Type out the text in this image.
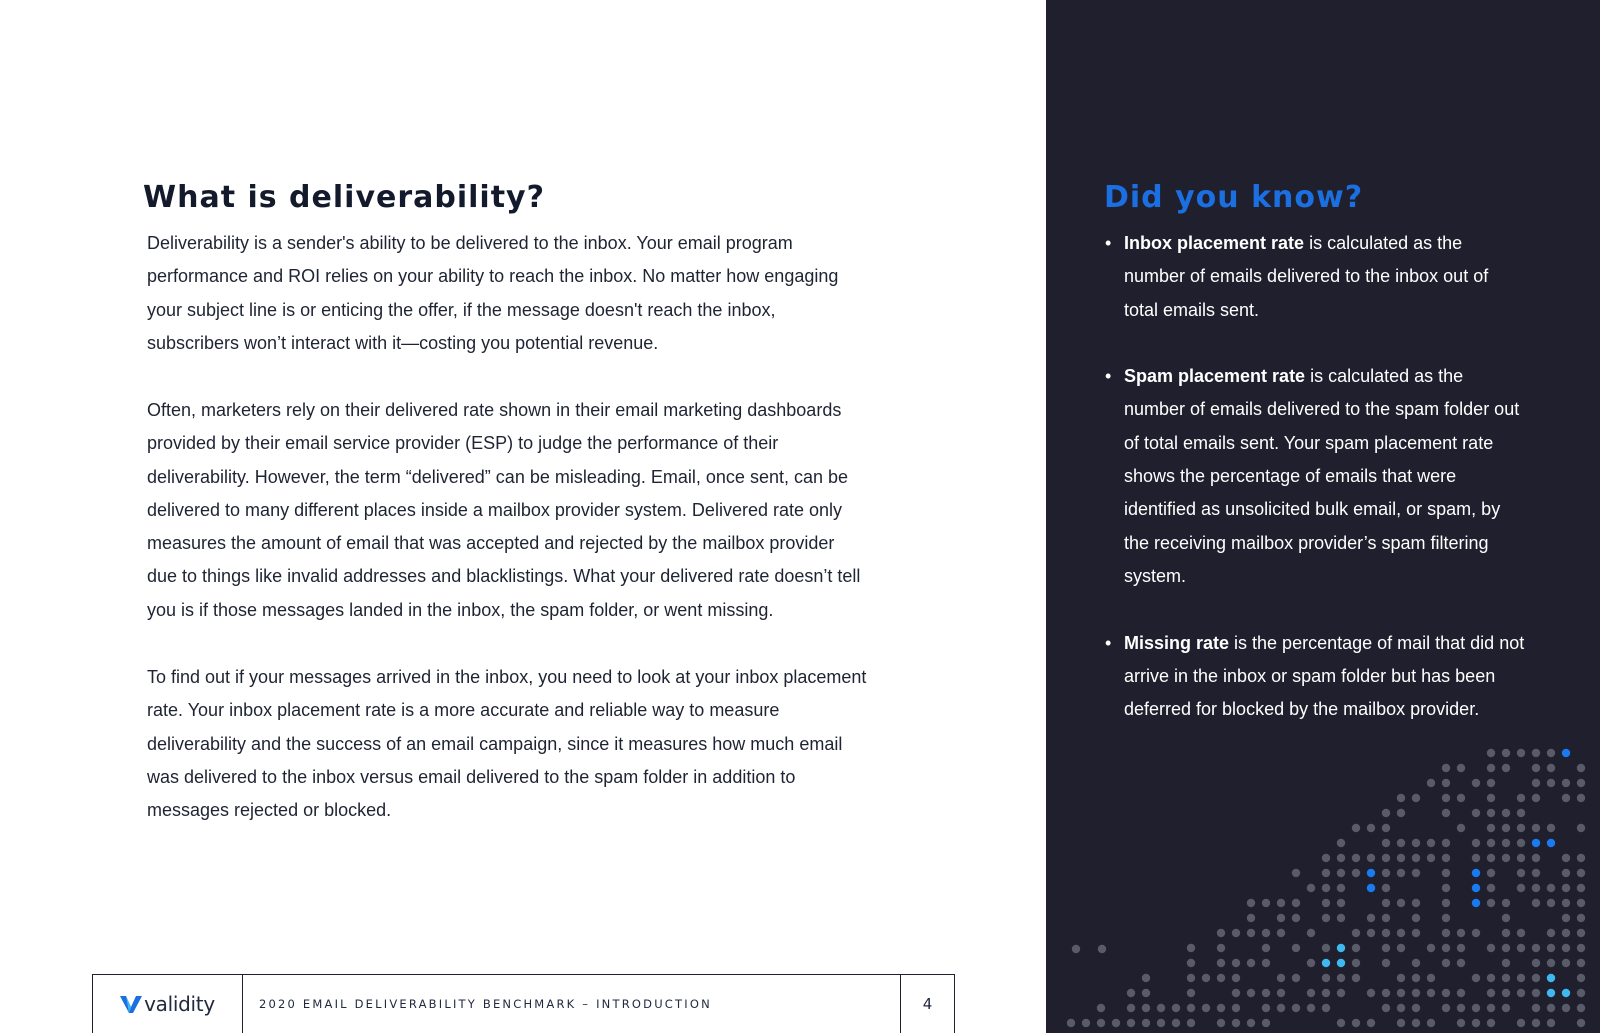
What is deliverability?

Deliverability is a sender's ability to be delivered to the inbox. Your email program performance and ROI relies on your ability to reach the inbox. No matter how engaging your subject line is or enticing the offer, if the message doesn't reach the inbox, subscribers won’t interact with it—costing you potential revenue.

Often, marketers rely on their delivered rate shown in their email marketing dashboards provided by their email service provider (ESP) to judge the performance of their deliverability. However, the term “delivered” can be misleading. Email, once sent, can be delivered to many different places inside a mailbox provider system. Delivered rate only measures the amount of email that was accepted and rejected by the mailbox provider due to things like invalid addresses and blacklistings. What your delivered rate doesn’t tell you is if those messages landed in the inbox, the spam folder, or went missing.

To find out if your messages arrived in the inbox, you need to look at your inbox placement rate. Your inbox placement rate is a more accurate and reliable way to measure deliverability and the success of an email campaign, since it measures how much email was delivered to the inbox versus email delivered to the spam folder in addition to messages rejected or blocked.

validity	2020 EMAIL DELIVERABILITY BENCHMARK – INTRODUCTION	4
Did you know?
• Inbox placement rate is calculated as the number of emails delivered to the inbox out of total emails sent.
• Spam placement rate is calculated as the number of emails delivered to the spam folder out of total emails sent. Your spam placement rate shows the percentage of emails that were identified as unsolicited bulk email, or spam, by the receiving mailbox provider’s spam filtering system.
• Missing rate is the percentage of mail that did not arrive in the inbox or spam folder but has been deferred for blocked by the mailbox provider.
